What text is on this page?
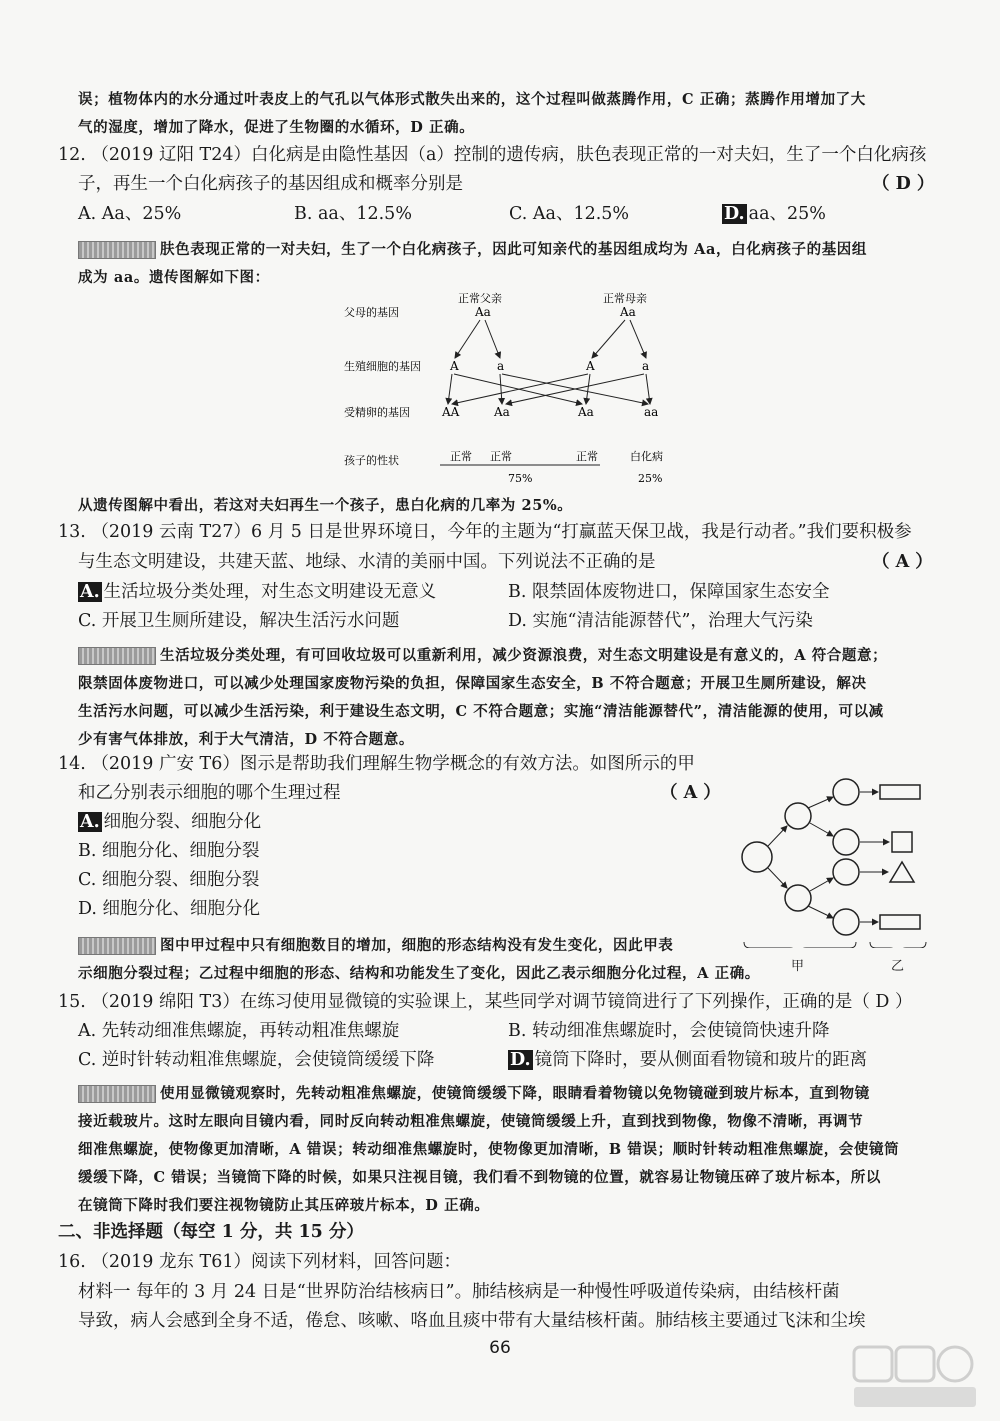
误；植物体内的水分通过叶表皮上的气孔以气体形式散失出来的，这个过程叫做蒸腾作用，C 正确；蒸腾作用增加了大
气的湿度，增加了降水，促进了生物圈的水循环，D 正确。
12. （2019 辽阳 T24）白化病是由隐性基因（a）控制的遗传病，肤色表现正常的一对夫妇，生了一个白化病孩
子，再生一个白化病孩子的基因组成和概率分别是	（ D ）
A. Aa、25%	B. aa、12.5%	C. Aa、12.5%	D. aa、25%
肤色表现正常的一对夫妇，生了一个白化病孩子，因此可知亲代的基因组成均为 Aa，白化病孩子的基因组
成为 aa。遗传图解如下图：
父母的基因
生殖细胞的基因
受精卵的基因
孩子的性状
正常父亲	正常母亲
Aa	Aa
A	a	A	a
AA	Aa	Aa	aa
正常 正常	正常	白化病
75%	25%
从遗传图解中看出，若这对夫妇再生一个孩子，患白化病的几率为 25%。
13. （2019 云南 T27）6 月 5 日是世界环境日，今年的主题为“打赢蓝天保卫战，我是行动者。”我们要积极参
与生态文明建设，共建天蓝、地绿、水清的美丽中国。下列说法不正确的是	（ A ）
A. 生活垃圾分类处理，对生态文明建设无意义	B. 限禁固体废物进口，保障国家生态安全
C. 开展卫生厕所建设，解决生活污水问题	D. 实施“清洁能源替代”，治理大气污染
生活垃圾分类处理，有可回收垃圾可以重新利用，减少资源浪费，对生态文明建设是有意义的，A 符合题意；
限禁固体废物进口，可以减少处理国家废物污染的负担，保障国家生态安全，B 不符合题意；开展卫生厕所建设，解决
生活污水问题，可以减少生活污染，利于建设生态文明，C 不符合题意；实施“清洁能源替代”，清洁能源的使用，可以减
少有害气体排放，利于大气清洁，D 不符合题意。
14. （2019 广安 T6）图示是帮助我们理解生物学概念的有效方法。如图所示的甲
和乙分别表示细胞的哪个生理过程	（ A ）
A. 细胞分裂、细胞分化
B. 细胞分化、细胞分裂
C. 细胞分裂、细胞分裂
D. 细胞分化、细胞分化
甲	乙
图中甲过程中只有细胞数目的增加，细胞的形态结构没有发生变化，因此甲表
示细胞分裂过程；乙过程中细胞的形态、结构和功能发生了变化，因此乙表示细胞分化过程，A 正确。
15. （2019 绵阳 T3）在练习使用显微镜的实验课上，某些同学对调节镜筒进行了下列操作，正确的是（ D ）
A. 先转动细准焦螺旋，再转动粗准焦螺旋	B. 转动细准焦螺旋时，会使镜筒快速升降
C. 逆时针转动粗准焦螺旋，会使镜筒缓缓下降	D. 镜筒下降时，要从侧面看物镜和玻片的距离
使用显微镜观察时，先转动粗准焦螺旋，使镜筒缓缓下降，眼睛看着物镜以免物镜碰到玻片标本，直到物镜
接近载玻片。这时左眼向目镜内看，同时反向转动粗准焦螺旋，使镜筒缓缓上升，直到找到物像，物像不清晰，再调节
细准焦螺旋，使物像更加清晰，A 错误；转动细准焦螺旋时，使物像更加清晰，B 错误；顺时针转动粗准焦螺旋，会使镜筒
缓缓下降，C 错误；当镜筒下降的时候，如果只注视目镜，我们看不到物镜的位置，就容易让物镜压碎了玻片标本，所以
在镜筒下降时我们要注视物镜防止其压碎玻片标本，D 正确。
二、非选择题（每空 1 分，共 15 分）
16. （2019 龙东 T61）阅读下列材料，回答问题：
材料一 每年的 3 月 24 日是“世界防治结核病日”。肺结核病是一种慢性呼吸道传染病，由结核杆菌
导致，病人会感到全身不适，倦怠、咳嗽、咯血且痰中带有大量结核杆菌。肺结核主要通过飞沫和尘埃
66
